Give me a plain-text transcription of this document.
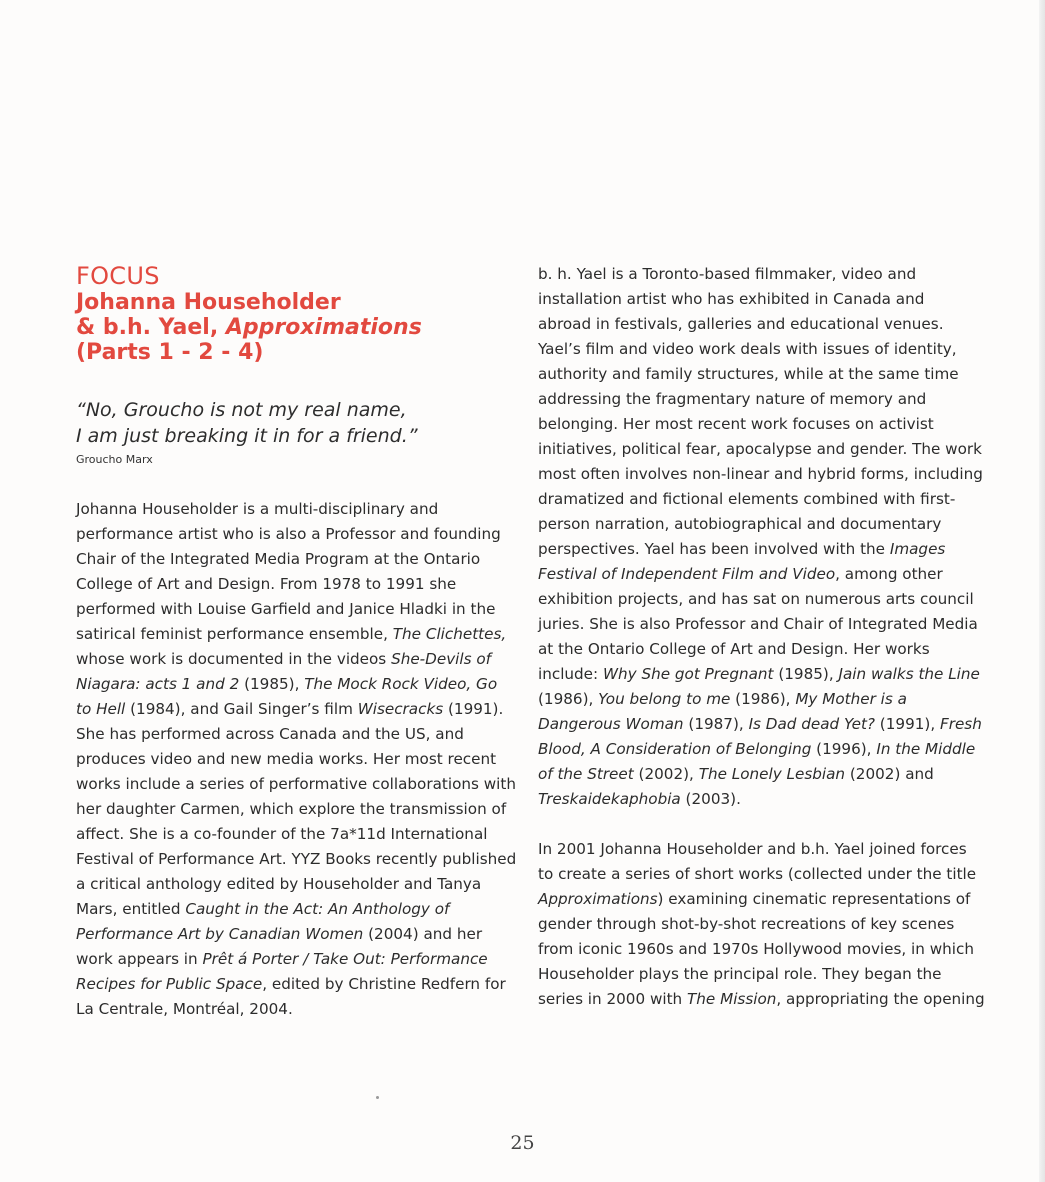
FOCUS
Johanna Householder
& b.h. Yael, Approximations
(Parts 1 - 2 - 4)
“No, Groucho is not my real name,
I am just breaking it in for a friend.”
Groucho Marx
Johanna Householder is a multi-disciplinary and
performance artist who is also a Professor and founding
Chair of the Integrated Media Program at the Ontario
College of Art and Design. From 1978 to 1991 she
performed with Louise Garfield and Janice Hladki in the
satirical feminist performance ensemble, The Clichettes,
whose work is documented in the videos She-Devils of
Niagara: acts 1 and 2 (1985), The Mock Rock Video, Go
to Hell (1984), and Gail Singer’s film Wisecracks (1991).
She has performed across Canada and the US, and
produces video and new media works. Her most recent
works include a series of performative collaborations with
her daughter Carmen, which explore the transmission of
affect. She is a co-founder of the 7a*11d International
Festival of Performance Art. YYZ Books recently published
a critical anthology edited by Householder and Tanya
Mars, entitled Caught in the Act: An Anthology of
Performance Art by Canadian Women (2004) and her
work appears in Prêt á Porter / Take Out: Performance
Recipes for Public Space, edited by Christine Redfern for
La Centrale, Montréal, 2004.
b. h. Yael is a Toronto-based filmmaker, video and
installation artist who has exhibited in Canada and
abroad in festivals, galleries and educational venues.
Yael’s film and video work deals with issues of identity,
authority and family structures, while at the same time
addressing the fragmentary nature of memory and
belonging. Her most recent work focuses on activist
initiatives, political fear, apocalypse and gender. The work
most often involves non-linear and hybrid forms, including
dramatized and fictional elements combined with first-
person narration, autobiographical and documentary
perspectives. Yael has been involved with the Images
Festival of Independent Film and Video, among other
exhibition projects, and has sat on numerous arts council
juries. She is also Professor and Chair of Integrated Media
at the Ontario College of Art and Design. Her works
include: Why She got Pregnant (1985), Jain walks the Line
(1986), You belong to me (1986), My Mother is a
Dangerous Woman (1987), Is Dad dead Yet? (1991), Fresh
Blood, A Consideration of Belonging (1996), In the Middle
of the Street (2002), The Lonely Lesbian (2002) and
Treskaidekaphobia (2003).
In 2001 Johanna Householder and b.h. Yael joined forces
to create a series of short works (collected under the title
Approximations) examining cinematic representations of
gender through shot-by-shot recreations of key scenes
from iconic 1960s and 1970s Hollywood movies, in which
Householder plays the principal role. They began the
series in 2000 with The Mission, appropriating the opening
25
